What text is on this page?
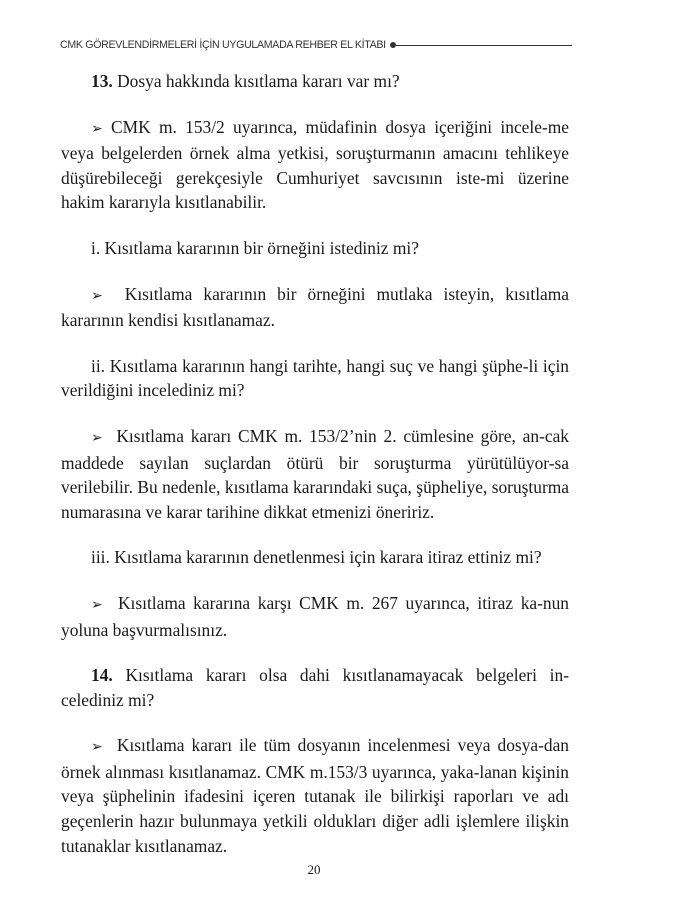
CMK GÖREVLENDİRMELERİ İÇİN UYGULAMADA REHBER EL KİTABI

13. Dosya hakkında kısıtlama kararı var mı?

➢ CMK m. 153/2 uyarınca, müdafinin dosya içeriğini incele-me veya belgelerden örnek alma yetkisi, soruşturmanın amacını tehlikeye düşürebileceği gerekçesiyle Cumhuriyet savcısının iste-mi üzerine hakim kararıyla kısıtlanabilir.

i. Kısıtlama kararının bir örneğini istediniz mi?

➢ Kısıtlama kararının bir örneğini mutlaka isteyin, kısıtlama kararının kendisi kısıtlanamaz.

ii. Kısıtlama kararının hangi tarihte, hangi suç ve hangi şüphe-li için verildiğini incelediniz mi?

➢ Kısıtlama kararı CMK m. 153/2’nin 2. cümlesine göre, an-cak maddede sayılan suçlardan ötürü bir soruşturma yürütülüyor-sa verilebilir. Bu nedenle, kısıtlama kararındaki suça, şüpheliye, soruşturma numarasına ve karar tarihine dikkat etmenizi öneririz.

iii. Kısıtlama kararının denetlenmesi için karara itiraz ettiniz mi?

➢ Kısıtlama kararına karşı CMK m. 267 uyarınca, itiraz ka-nun yoluna başvurmalısınız.

14. Kısıtlama kararı olsa dahi kısıtlanamayacak belgeleri in-celediniz mi?

➢ Kısıtlama kararı ile tüm dosyanın incelenmesi veya dosya-dan örnek alınması kısıtlanamaz. CMK m.153/3 uyarınca, yaka-lanan kişinin veya şüphelinin ifadesini içeren tutanak ile bilirkişi raporları ve adı geçenlerin hazır bulunmaya yetkili oldukları diğer adli işlemlere ilişkin tutanaklar kısıtlanamaz.

20
